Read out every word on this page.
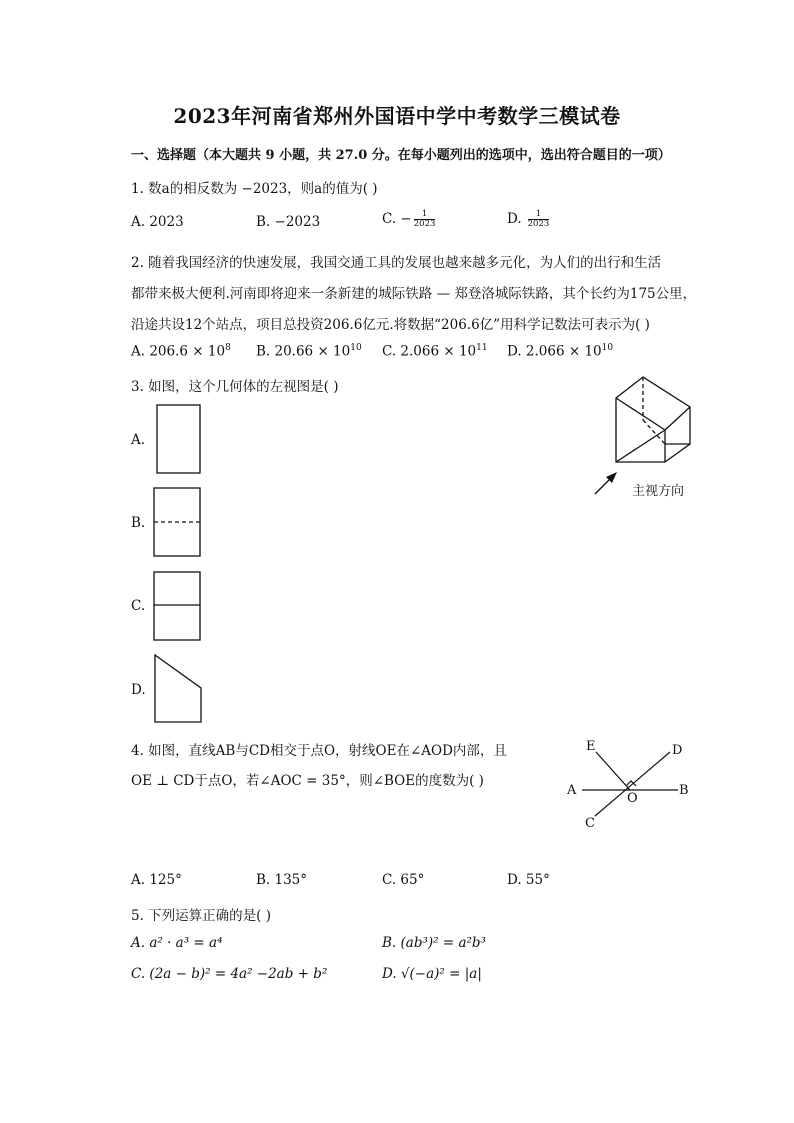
2023年河南省郑州外国语中学中考数学三模试卷
一、选择题（本大题共 9 小题，共 27.0 分。在每小题列出的选项中，选出符合题目的一项）
1. 数a的相反数为 −2023，则a的值为( )
A. 2023	B. −2023	C. − $\frac{1}{2023}$	D. $\frac{1}{2023}$
2. 随着我国经济的快速发展，我国交通工具的发展也越来越多元化，为人们的出行和生活
都带来极大便利.河南即将迎来一条新建的城际铁路 — 郑登洛城际铁路，其个长约为175公里，
沿途共设12个站点，项目总投资206.6亿元.将数据“206.6亿”用科学记数法可表示为( )
A. $206.6 \times 10^8$ B. $20.66 \times 10^{10}$ C. $2.066 \times 10^{11}$ D. $2.066 \times 10^{10}$
3. 如图，这个几何体的左视图是( )
主视方向
A.
B.
C.
D.
4. 如图，直线AB与CD相交于点O，射线OE在∠AOD内部，且
OE ⊥ CD于点O，若∠AOC = 35°，则∠BOE的度数为( )
E	D
A
O
B
C
A. 125°	B. 135°	C. 65°	D. 55°
5. 下列运算正确的是( )
A. a² · a³ = a⁴	B. (ab³)² = a²b³
C. (2a − b)² = 4a² −2ab + b²	D. √(−a)² = |a|
